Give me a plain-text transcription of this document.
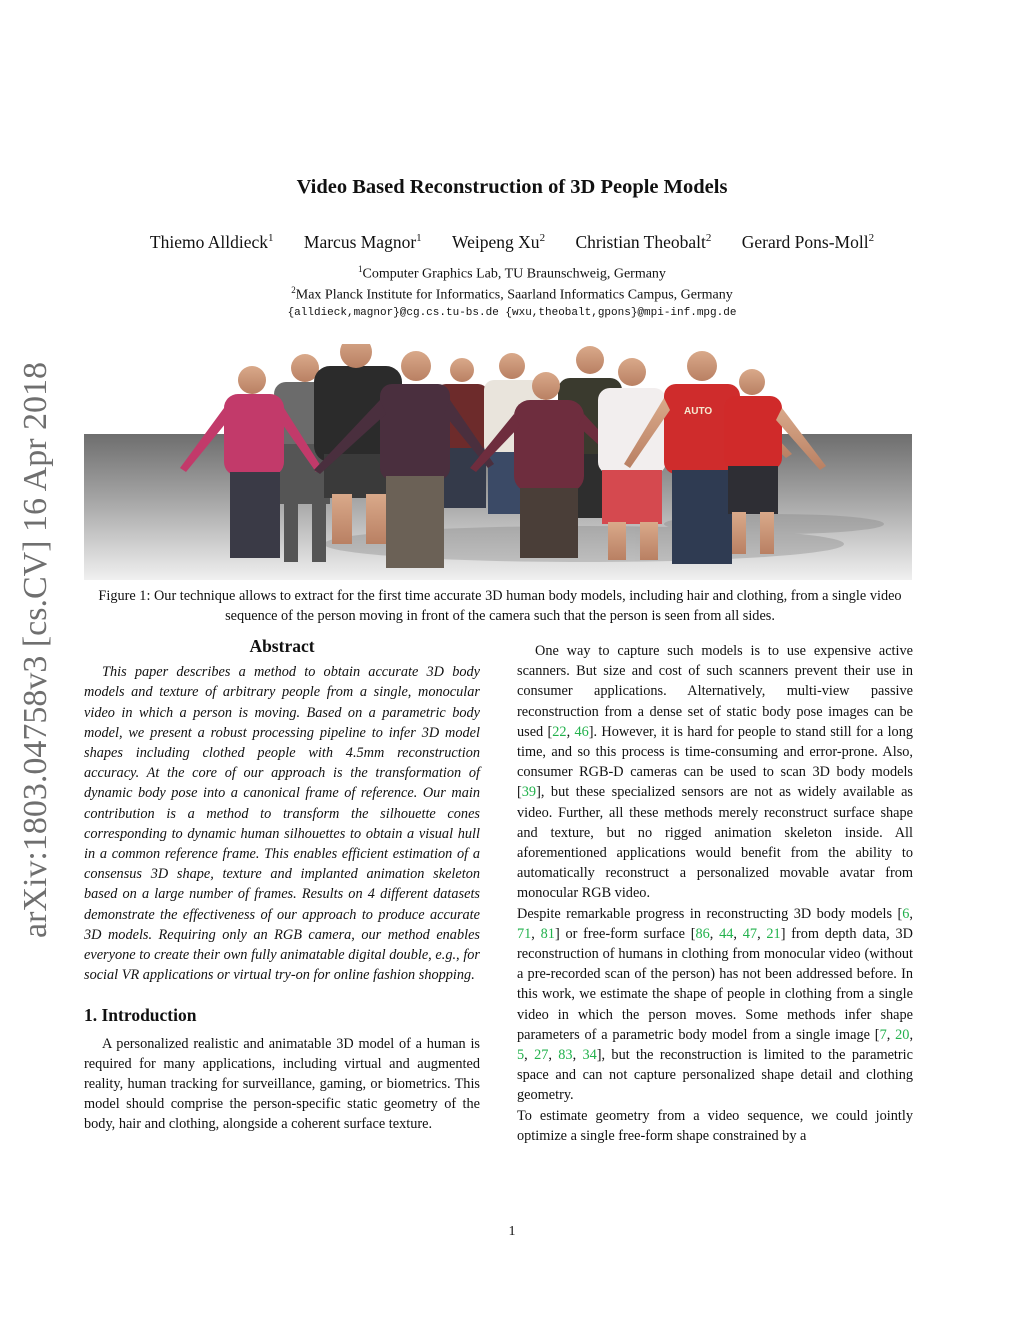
arXiv:1803.04758v3 [cs.CV] 16 Apr 2018
Video Based Reconstruction of 3D People Models
Thiemo Alldieck$^1$ Marcus Magnor$^1$ Weipeng Xu$^2$ Christian Theobalt$^2$ Gerard Pons-Moll$^2$
$^1$Computer Graphics Lab, TU Braunschweig, Germany
$^2$Max Planck Institute for Informatics, Saarland Informatics Campus, Germany
{alldieck,magnor}@cg.cs.tu-bs.de {wxu,theobalt,gpons}@mpi-inf.mpg.de
AUTO
Figure 1: Our technique allows to extract for the first time accurate 3D human body models, including hair and clothing, from a single video sequence of the person moving in front of the camera such that the person is seen from all sides.
Abstract

This paper describes a method to obtain accurate 3D body models and texture of arbitrary people from a single, monocular video in which a person is moving. Based on a parametric body model, we present a robust processing pipeline to infer 3D model shapes including clothed people with 4.5mm reconstruction accuracy. At the core of our approach is the transformation of dynamic body pose into a canonical frame of reference. Our main contribution is a method to transform the silhouette cones corresponding to dynamic human silhouettes to obtain a visual hull in a common reference frame. This enables efficient estimation of a consensus 3D shape, texture and implanted animation skeleton based on a large number of frames. Results on 4 different datasets demonstrate the effectiveness of our approach to produce accurate 3D models. Requiring only an RGB camera, our method enables everyone to create their own fully animatable digital double, e.g., for social VR applications or virtual try-on for online fashion shopping.

1. Introduction

A personalized realistic and animatable 3D model of a human is required for many applications, including virtual and augmented reality, human tracking for surveillance, gaming, or biometrics. This model should comprise the person-specific static geometry of the body, hair and clothing, alongside a coherent surface texture.

One way to capture such models is to use expensive active scanners. But size and cost of such scanners prevent their use in consumer applications. Alternatively, multi-view passive reconstruction from a dense set of static body pose images can be used [22, 46]. However, it is hard for people to stand still for a long time, and so this process is time-consuming and error-prone. Also, consumer RGB-D cameras can be used to scan 3D body models [39], but these specialized sensors are not as widely available as video. Further, all these methods merely reconstruct surface shape and texture, but no rigged animation skeleton inside. All aforementioned applications would benefit from the ability to automatically reconstruct a personalized movable avatar from monocular RGB video.

Despite remarkable progress in reconstructing 3D body models [6, 71, 81] or free-form surface [86, 44, 47, 21] from depth data, 3D reconstruction of humans in clothing from monocular video (without a pre-recorded scan of the person) has not been addressed before. In this work, we estimate the shape of people in clothing from a single video in which the person moves. Some methods infer shape parameters of a parametric body model from a single image [7, 20, 5, 27, 83, 34], but the reconstruction is limited to the parametric space and can not capture personalized shape detail and clothing geometry.

To estimate geometry from a video sequence, we could jointly optimize a single free-form shape constrained by a

1
